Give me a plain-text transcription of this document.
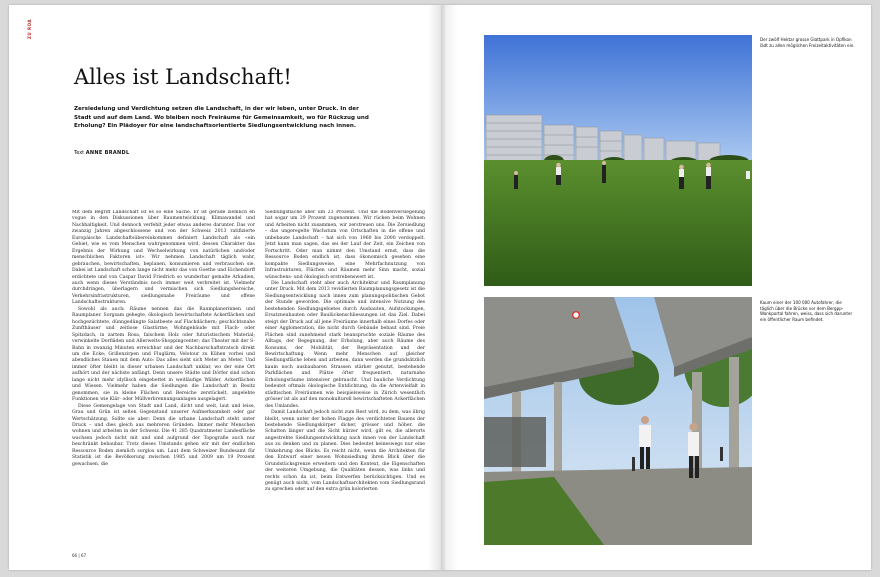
ZU ROA
Alles ist Landschaft!

Zersiedelung und Verdichtung setzen die Landschaft, in der wir leben, unter Druck. In der Stadt und auf dem Land. Wo bleiben noch Freiräume für Gemeinsamkeit, wo für Rückzug und Erholung? Ein Plädoyer für eine landschaftsorientierte Siedlungsentwicklung nach innen.

Text ANNE BRANDL

Mit dem Begriff Landschaft ist es so eine Sache. Er ist gerade ziemlich en vogue in den Diskussionen über Raumentwicklung, Klimawandel und Nachhaltigkeit. Und dennoch verfehlt jeder etwas anderes darunter. Das vor zwanzig Jahren abgeschlossene und von der Schweiz 2013 ratifizierte Europäische Landschaftsübereinkommen definiert Landschaft als «ein Gebiet, wie es vom Menschen wahrgenommen wird, dessen Charakter das Ergebnis der Wirkung und Wechselwirkung von natürlichen und/oder menschlichen Faktoren ist». Wir nehmen Landschaft täglich wahr, gebrauchen, bewirtschaften, beplanen, konsumieren und verbrauchen sie. Dabei ist Landschaft schon lange nicht mehr das von Goethe und Eichendorff erdichtete und von Caspar David Friedrich so wunderbar gemalte Arkadien, auch wenn dieses Verständnis noch immer weit verbreitet ist. Vielmehr durchdringen, überlagern und vermischen sich Siedlungsbereiche, Verkehrsinfrastrukturen, siedlungsnahe Freiräume und offene Landschaftsstrukturen.

Sowohl als auch: Räume nennen das die Raumplanerinnen und Raumplaner. Sorgsam gehegte, ökologisch bewirtschaftete Ackerflächen und hochgezüchtete, dünngedüngte Salatbeete auf Flachdächern; geschichtsnahe Zunfthäuser und zeitlose Glastürme; Wohngebäude mit Flach- oder Spitzdach, in zartem Rosa, falschem Holz oder futuristischem Material; verwinkelte Dorfläden und Allerwelts-Shoppingcenter; das Theater mit der S-Bahn in zwanzig Minuten erreichbar und der Nachbarschaftstratsch direkt um die Ecke; Grillenzirpen und Fluglärm, Velotour zu Kühen vorbei und abendliches Stauen mit dem Auto: Das alles sieht sich Meter an Meter. Und immer öfter bleibt in dieser urbanen Landschaft unklar, wo der eine Ort aufhört und der nächste anfängt. Denn unsere Städte und Dörfer sind schon lange nicht mehr idyllisch eingebettet in weitläufige Wälder, Ackerflächen und Wiesen. Vielmehr haben die Siedlungen die Landschaft in Besitz genommen, sie in kleine Flächen und Bereiche zerstückelt, angelebte Funktionen wie Klär- oder Müllverbrennungsanlagen ausgelagert.

Diese Gemengelage von Stadt und Land, dicht und weit, laut und leise, Grau und Grün ist selten Gegenstand unserer Aufmerksamkeit oder gar Wertschätzung. Sollte sie aber: Denn die urbane Landschaft steht unter Druck – und dies gleich aus mehreren Gründen. Immer mehr Menschen wohnen und arbeiten in der Schweiz. Die 41 285 Quadratmeter Landesfläche wachsen jedoch nicht mit und sind aufgrund der Topografie auch nur beschränkt bebaubar. Trotz dieses Umstands gehen wir mit der endlichen Ressource Boden ziemlich sorglos um. Laut dem Schweizer Bundesamt für Statistik ist die Bevölkerung zwischen 1985 und 2009 um 19 Prozent gewachsen, die

Siedlungsfläche aber um 23 Prozent. Und die Bodenversiegelung hat sogar um 29 Prozent zugenommen. Wir rücken beim Wohnen und Arbeiten nicht zusammen, wir zerstreuen uns. Die Zersiedlung – das ungeregelte Wachstum von Ortschaften in die offene und unbebaute Landschaft – hat sich von 1960 bis 2000 verdoppelt. Jetzt kann man sagen, das sei der Lauf der Zeit, ein Zeichen von Fortschritt. Oder man nimmt den Umstand ernst, dass die Ressource Boden endlich ist, dass ökonomisch gesehen eine kompakte Siedlungsweise, eine Mehrfachnutzung von Infrastrukturen, Flächen und Räumen mehr Sinn macht, sozial wünschens- und ökologisch erstrebenswert ist.

Die Landschaft steht aber auch Architektur und Raumplanung unter Druck. Mit dem 2013 revidierten Raumplanungsgesetz ist die Siedlungsentwicklung nach innen zum planungspolitischen Gebot der Stunde geworden. Die optimale und intensive Nutzung des bestehenden Siedlungsgebietes durch Ausbauten, Aufstockungen, Ersatzneubauten oder Baulückenschliessungen ist das Ziel. Dabei steigt der Druck auf all jene Freiräume innerhalb eines Dorfes oder einer Agglomeration, die nicht durch Gebäude bebaut sind. Freie Flächen sind zunehmend stark beanspruchte soziale Räume des Alltags, der Begegnung, der Erholung, aber auch Räume des Konsums, der Mobilität, der Repräsentation und der Bewirtschaftung. Wenn mehr Menschen auf gleicher Siedlungsfläche leben und arbeiten, dann werden die grundsätzlich kaum noch ausbaubaren Strassen stärker genutzt, bestehende Parkflächen und Plätze öfter frequentiert, naturnahe Erholungsräume intensiver gebraucht. Und bauliche Verdichtung bedeutet oftmals ökologische Entdichtung, da die Artenvielfalt in städtischen Freiräumen wie beispielsweise in Zürich wesentlich grösser ist als auf den monokulturell bewirtschafteten Ackerflächen des Umlandes.

Damit Landschaft jedoch nicht zum Rest wird, zu dem, was übrig bleibt, wenn unter der hohen Flagge des verdichteten Bauens der bestehende Siedlungskörper dicker, grösser und höher, die Schatten länger und die Sicht kürzer wird, gilt es, die allerorts angestrebte Siedlungsentwicklung nach innen von der Landschaft aus zu denken und zu planen. Dies bedeutet keineswegs nur eine Umkehrung des Blicks. Es reicht nicht, wenn die Architekten für den Entwurf einer neuen Wohnsiedlung ihren Blick über die Grundstücksgrenze erweitern und den Kontext, die Eigenschaften der weiteren Umgebung, die Qualitäten dessen, was links und rechts schon da ist, beim Entwerfen berücksichtigen. Und es genügt auch nicht, vom Landschaftsarchitekten vom Siedlungsrand zu sprechen oder auf den extra grün kolorierten

66 | 67

Der zwölf Hektar grosse Glattpark in Opfikon lädt zu allen möglichen Freizeitaktivitäten ein.

Kaum einer der 100 000 Autofahrer, die täglich über die Brücke vor dem Bergpp-Wankportal fahren, weiss, dass sich darunter ein öffentlicher Raum befindet.
